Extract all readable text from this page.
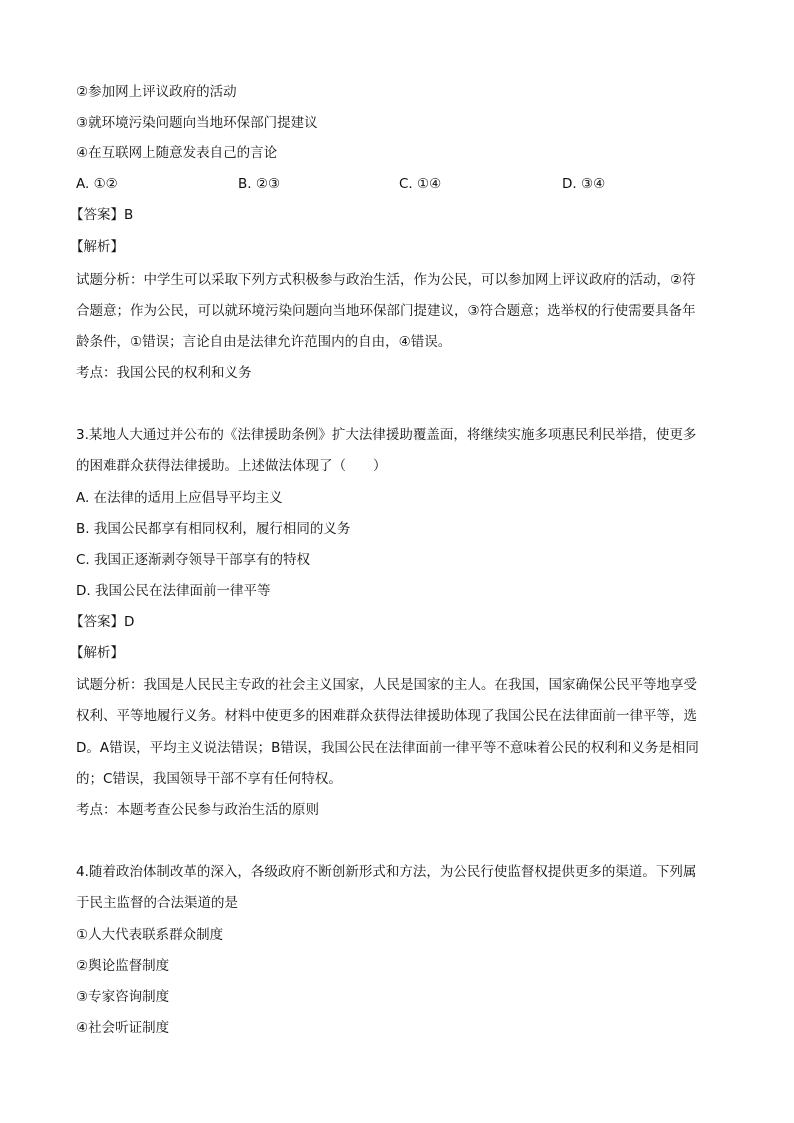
②参加网上评议政府的活动
③就环境污染问题向当地环保部门提建议
④在互联网上随意发表自己的言论
A. ①②	B. ②③	C. ①④	D. ③④
【答案】B
【解析】
试题分析：中学生可以采取下列方式积极参与政治生活，作为公民，可以参加网上评议政府的活动，②符
合题意；作为公民，可以就环境污染问题向当地环保部门提建议，③符合题意；选举权的行使需要具备年
龄条件，①错误；言论自由是法律允许范围内的自由，④错误。
考点：我国公民的权利和义务
3.某地人大通过并公布的《法律援助条例》扩大法律援助覆盖面，将继续实施多项惠民利民举措，使更多
的困难群众获得法律援助。上述做法体现了（　　）
A. 在法律的适用上应倡导平均主义
B. 我国公民都享有相同权利，履行相同的义务
C. 我国正逐渐剥夺领导干部享有的特权
D. 我国公民在法律面前一律平等
【答案】D
【解析】
试题分析：我国是人民民主专政的社会主义国家，人民是国家的主人。在我国，国家确保公民平等地享受
权利、平等地履行义务。材料中使更多的困难群众获得法律援助体现了我国公民在法律面前一律平等，选
D。A错误，平均主义说法错误；B错误，我国公民在法律面前一律平等不意味着公民的权利和义务是相同
的；C错误，我国领导干部不享有任何特权。
考点：本题考查公民参与政治生活的原则
4.随着政治体制改革的深入，各级政府不断创新形式和方法，为公民行使监督权提供更多的渠道。下列属
于民主监督的合法渠道的是
①人大代表联系群众制度
②舆论监督制度
③专家咨询制度
④社会听证制度
